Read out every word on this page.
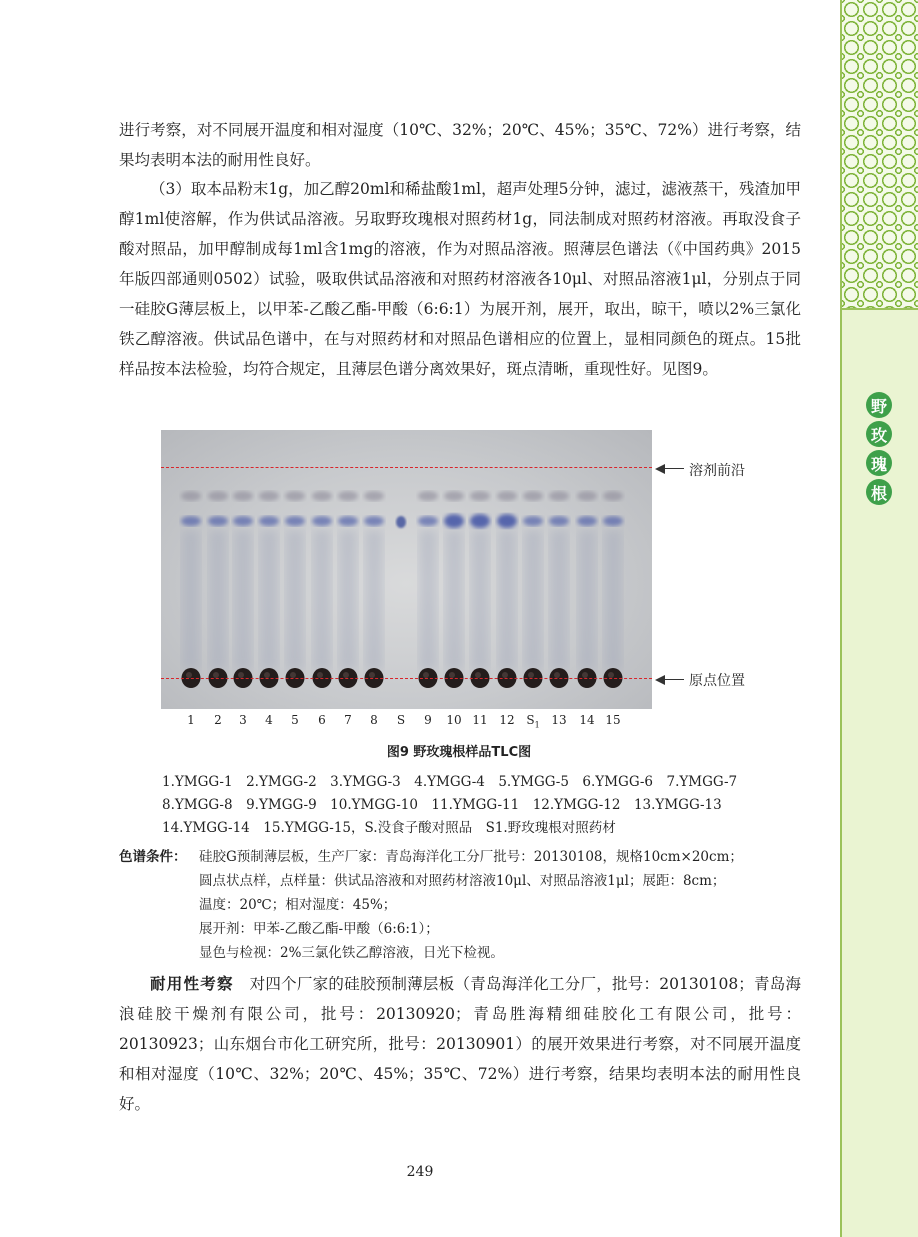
野
玫
瑰
根

进行考察，对不同展开温度和相对湿度（10℃、32%；20℃、45%；35℃、72%）进行考察，结果均表明本法的耐用性良好。

（3）取本品粉末1g，加乙醇20ml和稀盐酸1ml，超声处理5分钟，滤过，滤液蒸干，残渣加甲醇1ml使溶解，作为供试品溶液。另取野玫瑰根对照药材1g，同法制成对照药材溶液。再取没食子酸对照品，加甲醇制成每1ml含1mg的溶液，作为对照品溶液。照薄层色谱法（《中国药典》2015年版四部通则0502）试验，吸取供试品溶液和对照药材溶液各10μl、对照品溶液1μl，分别点于同一硅胶G薄层板上，以甲苯-乙酸乙酯-甲酸（6:6:1）为展开剂，展开，取出，晾干，喷以2%三氯化铁乙醇溶液。供试品色谱中，在与对照药材和对照品色谱相应的位置上，显相同颜色的斑点。15批样品按本法检验，均符合规定，且薄层色谱分离效果好，斑点清晰，重现性好。见图9。

溶剂前沿
原点位置
1 2 3 4 5 6 7 8 S 9 10 11 12 $S_1$ 13 14 15
图9 野玫瑰根样品TLC图
1.YMGG-1　2.YMGG-2　3.YMGG-3　4.YMGG-4　5.YMGG-5　6.YMGG-6　7.YMGG-7
8.YMGG-8　9.YMGG-9　10.YMGG-10　11.YMGG-11　12.YMGG-12　13.YMGG-13
14.YMGG-14　15.YMGG-15，S.没食子酸对照品　S1.野玫瑰根对照药材
色谱条件： 硅胶G预制薄层板，生产厂家：青岛海洋化工分厂批号：20130108，规格10cm×20cm；
圆点状点样，点样量：供试品溶液和对照药材溶液10μl、对照品溶液1μl；展距：8cm；
温度：20℃；相对湿度：45%；
展开剂：甲苯-乙酸乙酯-甲酸（6:6:1）；
显色与检视：2%三氯化铁乙醇溶液，日光下检视。

耐用性考察　 对四个厂家的硅胶预制薄层板（青岛海洋化工分厂，批号：20130108；青岛海浪硅胶干燥剂有限公司，批号：20130920；青岛胜海精细硅胶化工有限公司，批号：20130923；山东烟台市化工研究所，批号：20130901）的展开效果进行考察，对不同展开温度和相对湿度（10℃、32%；20℃、45%；35℃、72%）进行考察，结果均表明本法的耐用性良好。

249
